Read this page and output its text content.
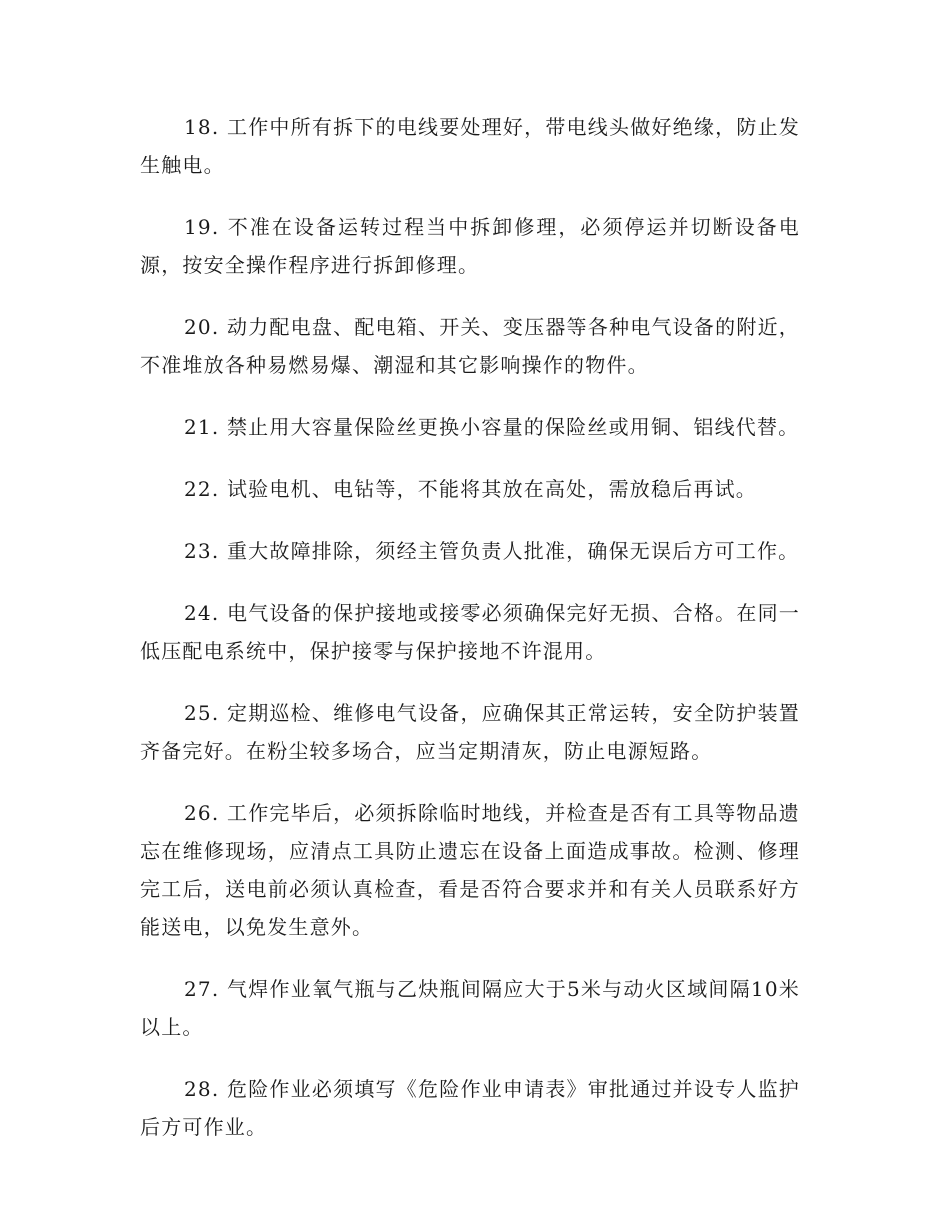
18. 工作中所有拆下的电线要处理好，带电线头做好绝缘，防止发生触电。

19. 不准在设备运转过程当中拆卸修理，必须停运并切断设备电源，按安全操作程序进行拆卸修理。

20. 动力配电盘、配电箱、开关、变压器等各种电气设备的附近，不准堆放各种易燃易爆、潮湿和其它影响操作的物件。

21. 禁止用大容量保险丝更换小容量的保险丝或用铜、铝线代替。

22. 试验电机、电钻等，不能将其放在高处，需放稳后再试。

23. 重大故障排除，须经主管负责人批准，确保无误后方可工作。

24. 电气设备的保护接地或接零必须确保完好无损、合格。在同一低压配电系统中，保护接零与保护接地不许混用。

25. 定期巡检、维修电气设备，应确保其正常运转，安全防护装置齐备完好。在粉尘较多场合，应当定期清灰，防止电源短路。

26. 工作完毕后，必须拆除临时地线，并检查是否有工具等物品遗忘在维修现场，应清点工具防止遗忘在设备上面造成事故。检测、修理完工后，送电前必须认真检查，看是否符合要求并和有关人员联系好方能送电，以免发生意外。

27. 气焊作业氧气瓶与乙炔瓶间隔应大于5米与动火区域间隔10米以上。

28. 危险作业必须填写《危险作业申请表》审批通过并设专人监护后方可作业。
